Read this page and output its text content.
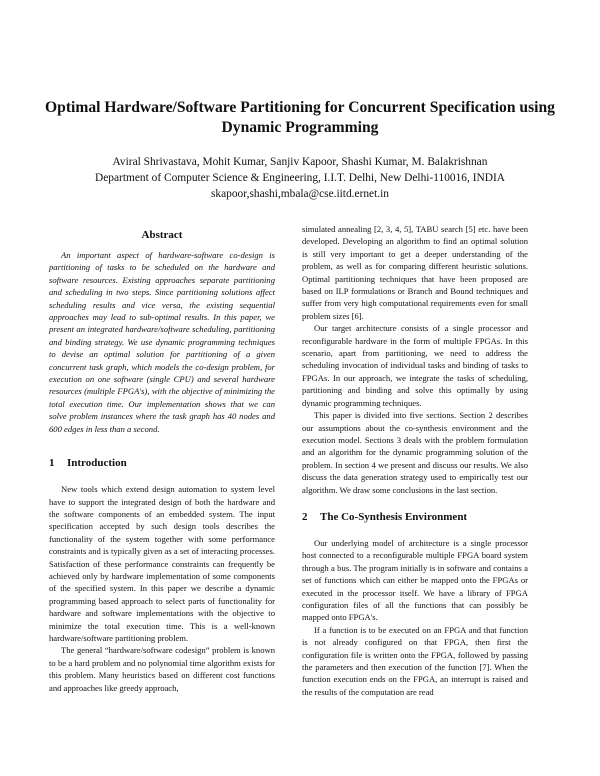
Optimal Hardware/Software Partitioning for Concurrent Specification using Dynamic Programming
Aviral Shrivastava, Mohit Kumar, Sanjiv Kapoor, Shashi Kumar, M. Balakrishnan
Department of Computer Science & Engineering, I.I.T. Delhi, New Delhi-110016, INDIA
skapoor,shashi,mbala@cse.iitd.ernet.in
Abstract

An important aspect of hardware-software co-design is partitioning of tasks to be scheduled on the hardware and software resources. Existing approaches separate partitioning and scheduling in two steps. Since partitioning solutions affect scheduling results and vice versa, the existing sequential approaches may lead to sub-optimal results. In this paper, we present an integrated hardware/software scheduling, partitioning and binding strategy. We use dynamic programming techniques to devise an optimal solution for partitioning of a given concurrent task graph, which models the co-design problem, for execution on one software (single CPU) and several hardware resources (multiple FPGA's), with the objective of minimizing the total execution time. Our implementation shows that we can solve problem instances where the task graph has 40 nodes and 600 edges in less than a second.

1 Introduction

New tools which extend design automation to system level have to support the integrated design of both the hardware and the software components of an embedded system. The input specification accepted by such design tools describes the functionality of the system together with some performance constraints and is typically given as a set of interacting processes. Satisfaction of these performance constraints can frequently be achieved only by hardware implementation of some components of the specified system. In this paper we describe a dynamic programming based approach to select parts of functionality for hardware and software implementations with the objective to minimize the total execution time. This is a well-known hardware/software partitioning problem.

The general “hardware/software codesign” problem is known to be a hard problem and no polynomial time algorithm exists for this problem. Many heuristics based on different cost functions and approaches like greedy approach,

simulated annealing [2, 3, 4, 5], TABU search [5] etc. have been developed. Developing an algorithm to find an optimal solution is still very important to get a deeper understanding of the problem, as well as for comparing different heuristic solutions. Optimal partitioning techniques that have been proposed are based on ILP formulations or Branch and Bound techniques and suffer from very high computational requirements even for small problem sizes [6].

Our target architecture consists of a single processor and reconfigurable hardware in the form of multiple FPGAs. In this scenario, apart from partitioning, we need to address the scheduling invocation of individual tasks and binding of tasks to FPGAs. In our approach, we integrate the tasks of scheduling, partitioning and binding and solve this optimally by using dynamic programming techniques.

This paper is divided into five sections. Section 2 describes our assumptions about the co-synthesis environment and the execution model. Sections 3 deals with the problem formulation and an algorithm for the dynamic programming solution of the problem. In section 4 we present and discuss our results. We also discuss the data generation strategy used to empirically test our algorithm. We draw some conclusions in the last section.

2 The Co-Synthesis Environment

Our underlying model of architecture is a single processor host connected to a reconfigurable multiple FPGA board system through a bus. The program initially is in software and contains a set of functions which can either be mapped onto the FPGAs or executed in the processor itself. We have a library of FPGA configuration files of all the functions that can possibly be mapped onto FPGA's.

If a function is to be executed on an FPGA and that function is not already configured on that FPGA, then first the configuration file is written onto the FPGA, followed by passing the parameters and then execution of the function [7]. When the function execution ends on the FPGA, an interrupt is raised and the results of the computation are read
